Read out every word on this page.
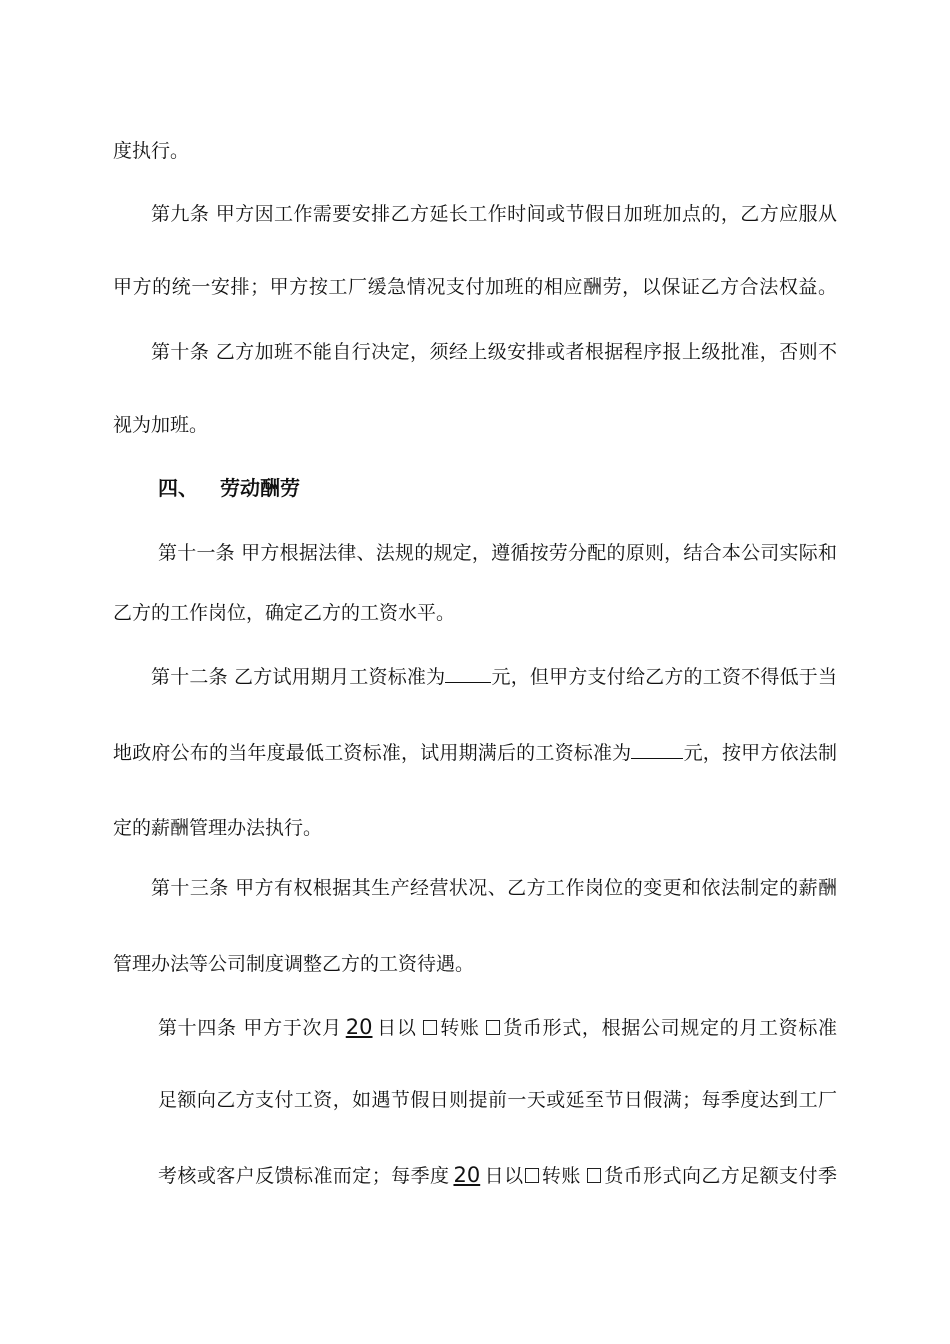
度执行。
第九条 甲方因工作需要安排乙方延长工作时间或节假日加班加点的，乙方应服从
甲方的统一安排；甲方按工厂缓急情况支付加班的相应酬劳，以保证乙方合法权益。
第十条 乙方加班不能自行决定，须经上级安排或者根据程序报上级批准，否则不
视为加班。
四、 劳动酬劳
第十一条 甲方根据法律、法规的规定，遵循按劳分配的原则，结合本公司实际和
乙方的工作岗位，确定乙方的工资水平。
第十二条 乙方试用期月工资标准为 元，但甲方支付给乙方的工资不得低于当
地政府公布的当年度最低工资标准，试用期满后的工资标准为	元，按甲方依法制
定的薪酬管理办法执行。
第十三条 甲方有权根据其生产经营状况、乙方工作岗位的变更和依法制定的薪酬
管理办法等公司制度调整乙方的工资待遇。
第十四条 甲方于次月 20 日以 转账 货币形式，根据公司规定的月工资标准
足额向乙方支付工资，如遇节假日则提前一天或延至节日假满；每季度达到工厂
考核或客户反馈标准而定；每季度 20 日以 转账 货币形式向乙方足额支付季
